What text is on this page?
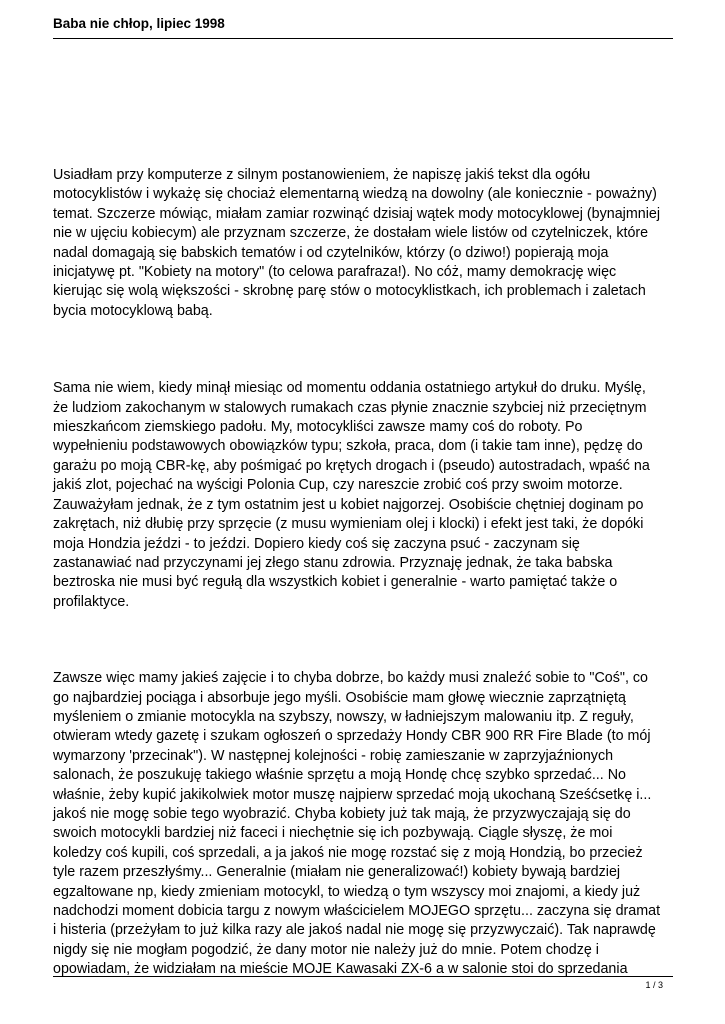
Baba nie chłop, lipiec 1998

Usiadłam przy komputerze z silnym postanowieniem, że napiszę jakiś tekst dla ogółu
motocyklistów i wykażę się chociaż elementarną wiedzą na dowolny (ale koniecznie - poważny)
temat. Szczerze mówiąc, miałam zamiar rozwinąć dzisiaj wątek mody motocyklowej (bynajmniej
nie w ujęciu kobiecym) ale przyznam szczerze, że dostałam wiele listów od czytelniczek, które
nadal domagają się babskich tematów i od czytelników, którzy (o dziwo!) popierają moja
inicjatywę pt. "Kobiety na motory" (to celowa parafraza!). No cóż, mamy demokrację więc
kierując się wolą większości - skrobnę parę stów o motocyklistkach, ich problemach i zaletach
bycia motocyklową babą.

Sama nie wiem, kiedy minął miesiąc od momentu oddania ostatniego artykuł do druku. Myślę,
że ludziom zakochanym w stalowych rumakach czas płynie znacznie szybciej niż przeciętnym
mieszkańcom ziemskiego padołu. My, motocykliści zawsze mamy coś do roboty. Po
wypełnieniu podstawowych obowiązków typu; szkoła, praca, dom (i takie tam inne), pędzę do
garażu po moją CBR-kę, aby pośmigać po krętych drogach i (pseudo) autostradach, wpaść na
jakiś zlot, pojechać na wyścigi Polonia Cup, czy nareszcie zrobić coś przy swoim motorze.
Zauważyłam jednak, że z tym ostatnim jest u kobiet najgorzej. Osobiście chętniej doginam po
zakrętach, niż dłubię przy sprzęcie (z musu wymieniam olej i klocki) i efekt jest taki, że dopóki
moja Hondzia jeździ - to jeździ. Dopiero kiedy coś się zaczyna psuć - zaczynam się
zastanawiać nad przyczynami jej złego stanu zdrowia. Przyznaję jednak, że taka babska
beztroska nie musi być regułą dla wszystkich kobiet i generalnie - warto pamiętać także o
profilaktyce.

Zawsze więc mamy jakieś zajęcie i to chyba dobrze, bo każdy musi znaleźć sobie to "Coś", co
go najbardziej pociąga i absorbuje jego myśli. Osobiście mam głowę wiecznie zaprzątniętą
myśleniem o zmianie motocykla na szybszy, nowszy, w ładniejszym malowaniu itp. Z reguły,
otwieram wtedy gazetę i szukam ogłoszeń o sprzedaży Hondy CBR 900 RR Fire Blade (to mój
wymarzony 'przecinak"). W następnej kolejności - robię zamieszanie w zaprzyjaźnionych
salonach, że poszukuję takiego właśnie sprzętu a moją Hondę chcę szybko sprzedać... No
właśnie, żeby kupić jakikolwiek motor muszę najpierw sprzedać moją ukochaną Sześćsetkę i...
jakoś nie mogę sobie tego wyobrazić. Chyba kobiety już tak mają, że przyzwyczajają się do
swoich motocykli bardziej niż faceci i niechętnie się ich pozbywają. Ciągle słyszę, że moi
koledzy coś kupili, coś sprzedali, a ja jakoś nie mogę rozstać się z moją Hondzią, bo przecież
tyle razem przeszłyśmy... Generalnie (miałam nie generalizować!) kobiety bywają bardziej
egzaltowane np, kiedy zmieniam motocykl, to wiedzą o tym wszyscy moi znajomi, a kiedy już
nadchodzi moment dobicia targu z nowym właścicielem MOJEGO sprzętu... zaczyna się dramat
i histeria (przeżyłam to już kilka razy ale jakoś nadal nie mogę się przyzwyczaić). Tak naprawdę
nigdy się nie mogłam pogodzić, że dany motor nie należy już do mnie. Potem chodzę i
opowiadam, że widziałam na mieście MOJE Kawasaki ZX-6 a w salonie stoi do sprzedania

1 / 3
